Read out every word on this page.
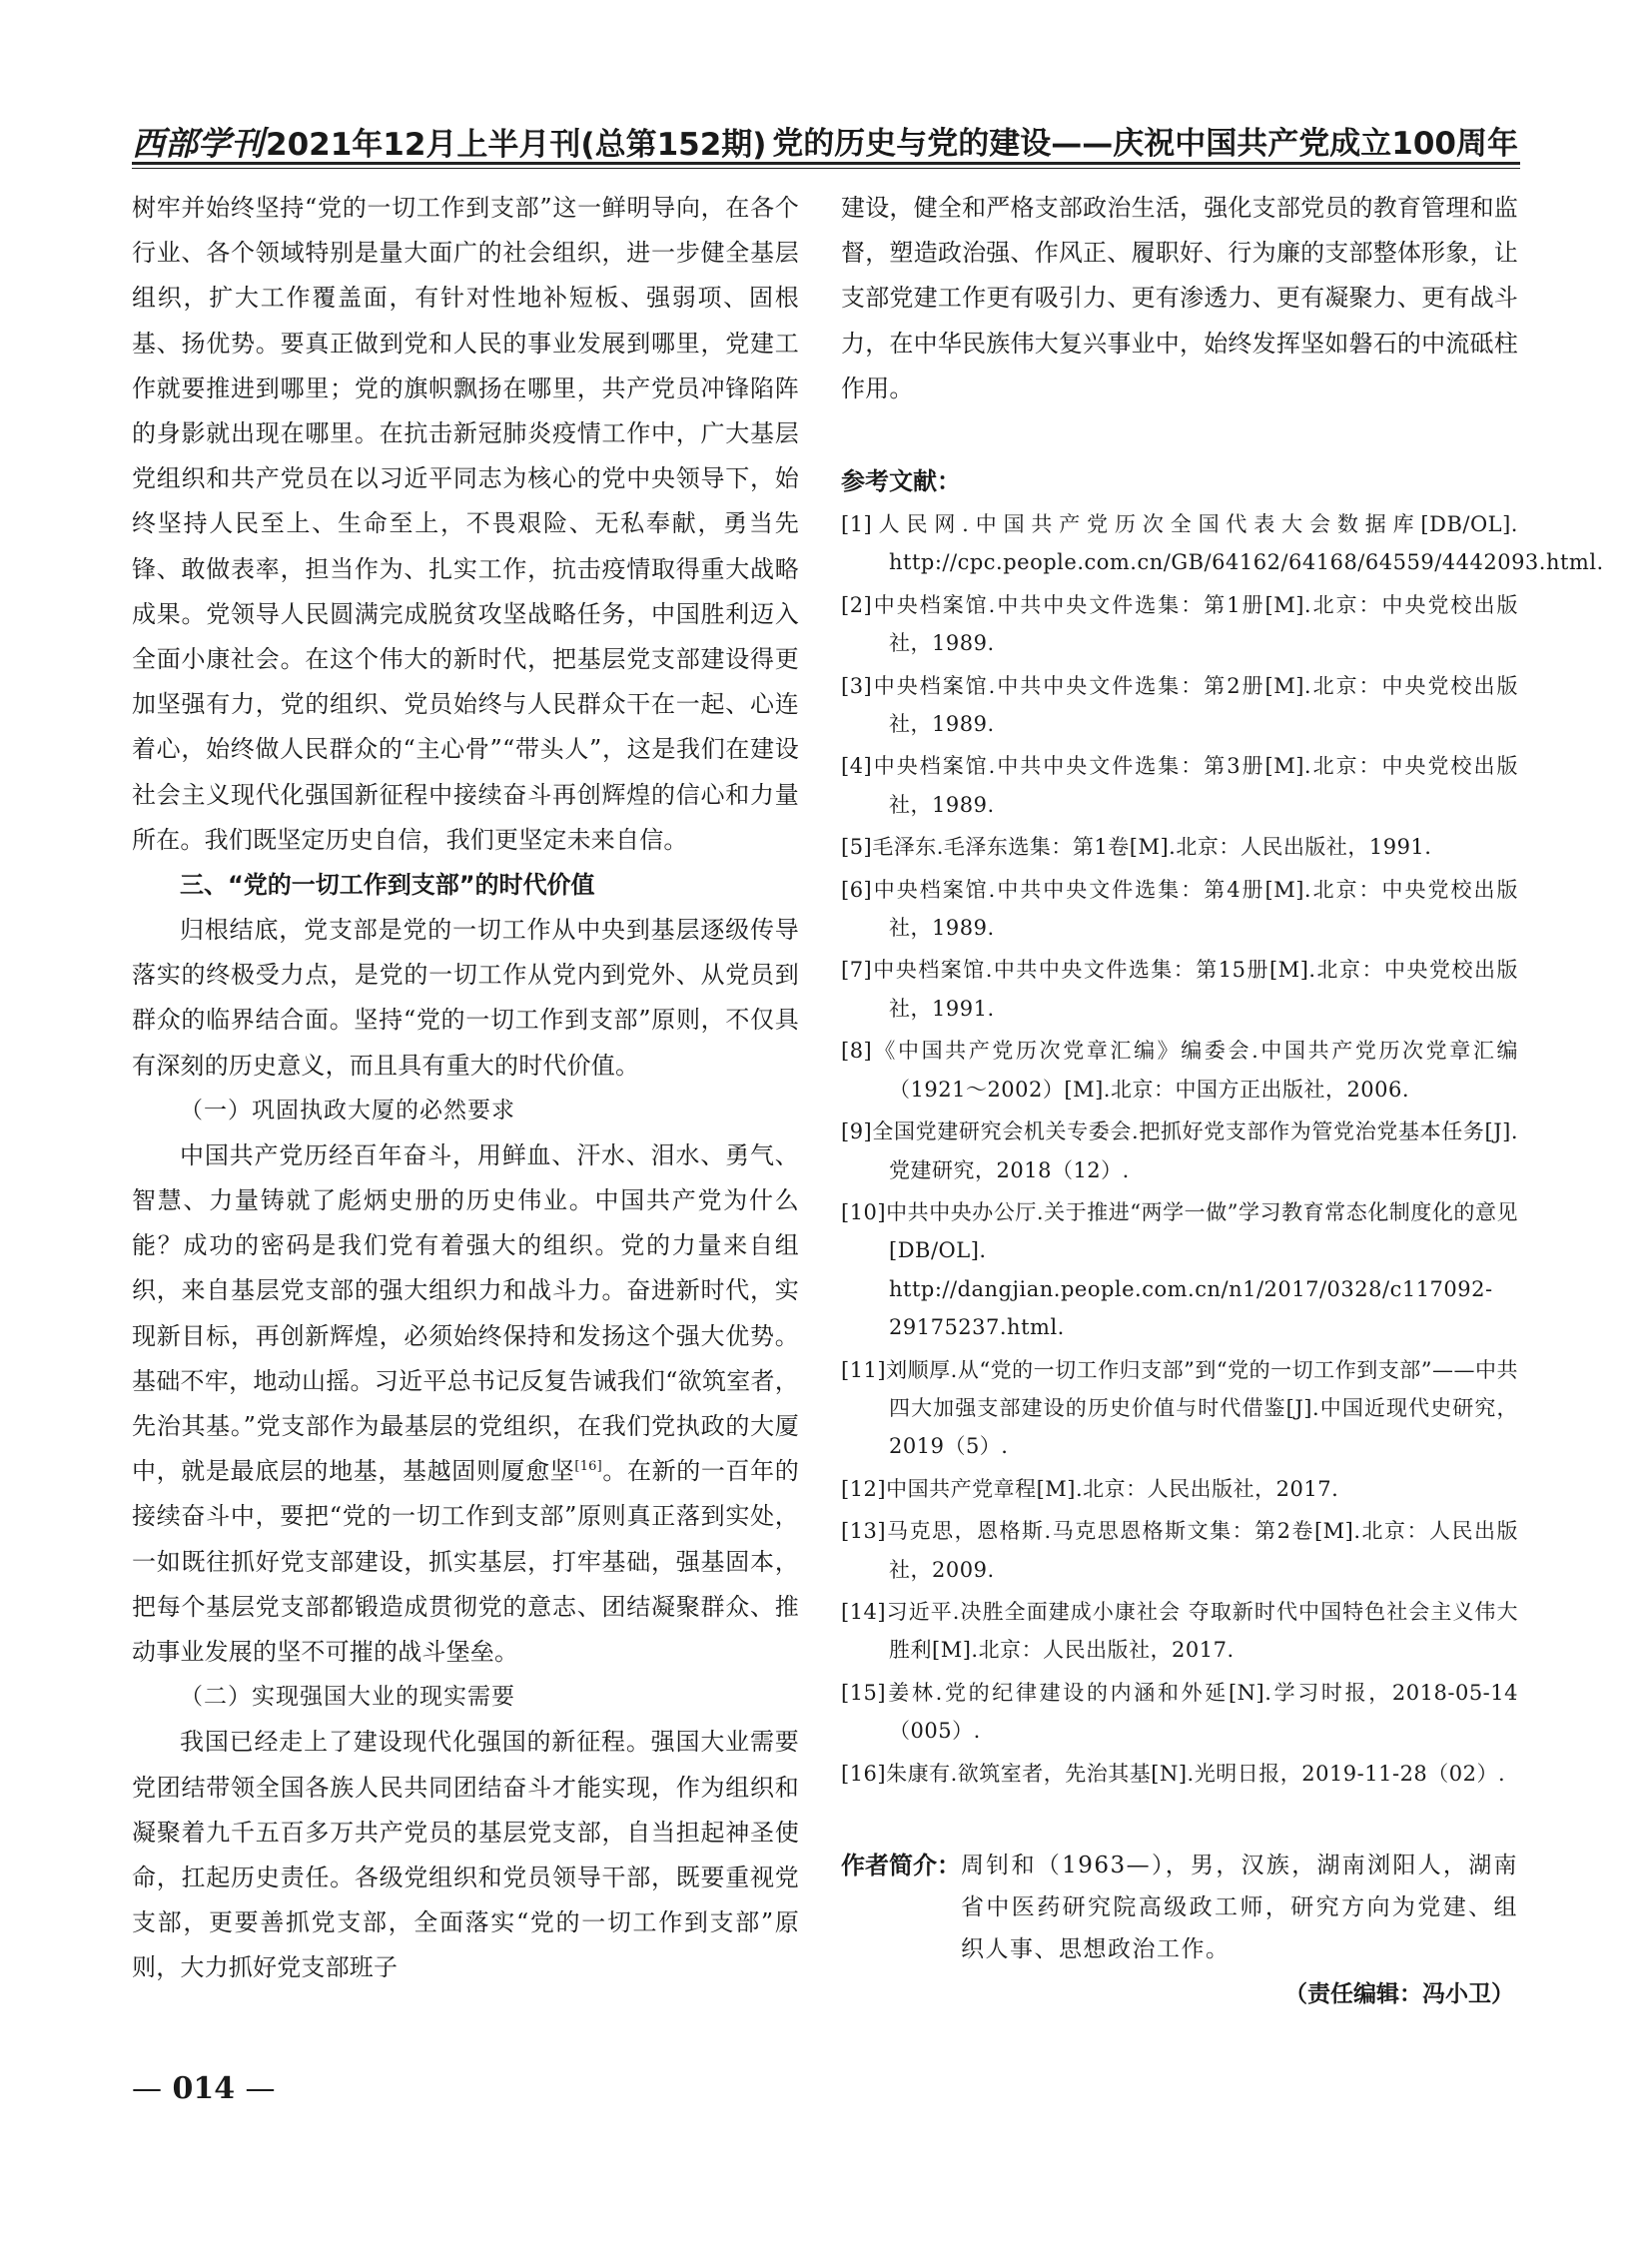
西部学刊2021年12月上半月刊(总第152期) 党的历史与党的建设——庆祝中国共产党成立100周年

树牢并始终坚持“党的一切工作到支部”这一鲜明导向，在各个行业、各个领域特别是量大面广的社会组织，进一步健全基层组织，扩大工作覆盖面，有针对性地补短板、强弱项、固根基、扬优势。要真正做到党和人民的事业发展到哪里，党建工作就要推进到哪里；党的旗帜飘扬在哪里，共产党员冲锋陷阵的身影就出现在哪里。在抗击新冠肺炎疫情工作中，广大基层党组织和共产党员在以习近平同志为核心的党中央领导下，始终坚持人民至上、生命至上，不畏艰险、无私奉献，勇当先锋、敢做表率，担当作为、扎实工作，抗击疫情取得重大战略成果。党领导人民圆满完成脱贫攻坚战略任务，中国胜利迈入全面小康社会。在这个伟大的新时代，把基层党支部建设得更加坚强有力，党的组织、党员始终与人民群众干在一起、心连着心，始终做人民群众的“主心骨”“带头人”，这是我们在建设社会主义现代化强国新征程中接续奋斗再创辉煌的信心和力量所在。我们既坚定历史自信，我们更坚定未来自信。

三、“党的一切工作到支部”的时代价值

归根结底，党支部是党的一切工作从中央到基层逐级传导落实的终极受力点，是党的一切工作从党内到党外、从党员到群众的临界结合面。坚持“党的一切工作到支部”原则，不仅具有深刻的历史意义，而且具有重大的时代价值。

（一）巩固执政大厦的必然要求

中国共产党历经百年奋斗，用鲜血、汗水、泪水、勇气、智慧、力量铸就了彪炳史册的历史伟业。中国共产党为什么能？成功的密码是我们党有着强大的组织。党的力量来自组织，来自基层党支部的强大组织力和战斗力。奋进新时代，实现新目标，再创新辉煌，必须始终保持和发扬这个强大优势。基础不牢，地动山摇。习近平总书记反复告诫我们“欲筑室者，先治其基。”党支部作为最基层的党组织，在我们党执政的大厦中，就是最底层的地基，基越固则厦愈坚[16]。在新的一百年的接续奋斗中，要把“党的一切工作到支部”原则真正落到实处，一如既往抓好党支部建设，抓实基层，打牢基础，强基固本，把每个基层党支部都锻造成贯彻党的意志、团结凝聚群众、推动事业发展的坚不可摧的战斗堡垒。

（二）实现强国大业的现实需要

我国已经走上了建设现代化强国的新征程。强国大业需要党团结带领全国各族人民共同团结奋斗才能实现，作为组织和凝聚着九千五百多万共产党员的基层党支部，自当担起神圣使命，扛起历史责任。各级党组织和党员领导干部，既要重视党支部，更要善抓党支部，全面落实“党的一切工作到支部”原则，大力抓好党支部班子

建设，健全和严格支部政治生活，强化支部党员的教育管理和监督，塑造政治强、作风正、履职好、行为廉的支部整体形象，让支部党建工作更有吸引力、更有渗透力、更有凝聚力、更有战斗力，在中华民族伟大复兴事业中，始终发挥坚如磐石的中流砥柱作用。

参考文献：
[1]人民网.中国共产党历次全国代表大会数据库[DB/OL]. http://cpc.people.com.cn/GB/64162/64168/64559/4442093.html.
[2]中央档案馆.中共中央文件选集：第1册[M].北京：中央党校出版社，1989.
[3]中央档案馆.中共中央文件选集：第2册[M].北京：中央党校出版社，1989.
[4]中央档案馆.中共中央文件选集：第3册[M].北京：中央党校出版社，1989.
[5]毛泽东.毛泽东选集：第1卷[M].北京：人民出版社，1991.
[6]中央档案馆.中共中央文件选集：第4册[M].北京：中央党校出版社，1989.
[7]中央档案馆.中共中央文件选集：第15册[M].北京：中央党校出版社，1991.
[8]《中国共产党历次党章汇编》编委会.中国共产党历次党章汇编（1921～2002）[M].北京：中国方正出版社，2006.
[9]全国党建研究会机关专委会.把抓好党支部作为管党治党基本任务[J].党建研究，2018（12）.
[10]中共中央办公厅.关于推进“两学一做”学习教育常态化制度化的意见[DB/OL]. http://dangjian.people.com.cn/n1/2017/0328/c117092-29175237.html.
[11]刘顺厚.从“党的一切工作归支部”到“党的一切工作到支部”——中共四大加强支部建设的历史价值与时代借鉴[J].中国近现代史研究，2019（5）.
[12]中国共产党章程[M].北京：人民出版社，2017.
[13]马克思，恩格斯.马克思恩格斯文集：第2卷[M].北京：人民出版社，2009.
[14]习近平.决胜全面建成小康社会 夺取新时代中国特色社会主义伟大胜利[M].北京：人民出版社，2017.
[15]姜林.党的纪律建设的内涵和外延[N].学习时报，2018-05-14（005）.
[16]朱康有.欲筑室者，先治其基[N].光明日报，2019-11-28（02）.
作者简介： 周钊和（1963—），男，汉族，湖南浏阳人，湖南省中医药研究院高级政工师，研究方向为党建、组织人事、思想政治工作。
（责任编辑：冯小卫）
— 014 —
